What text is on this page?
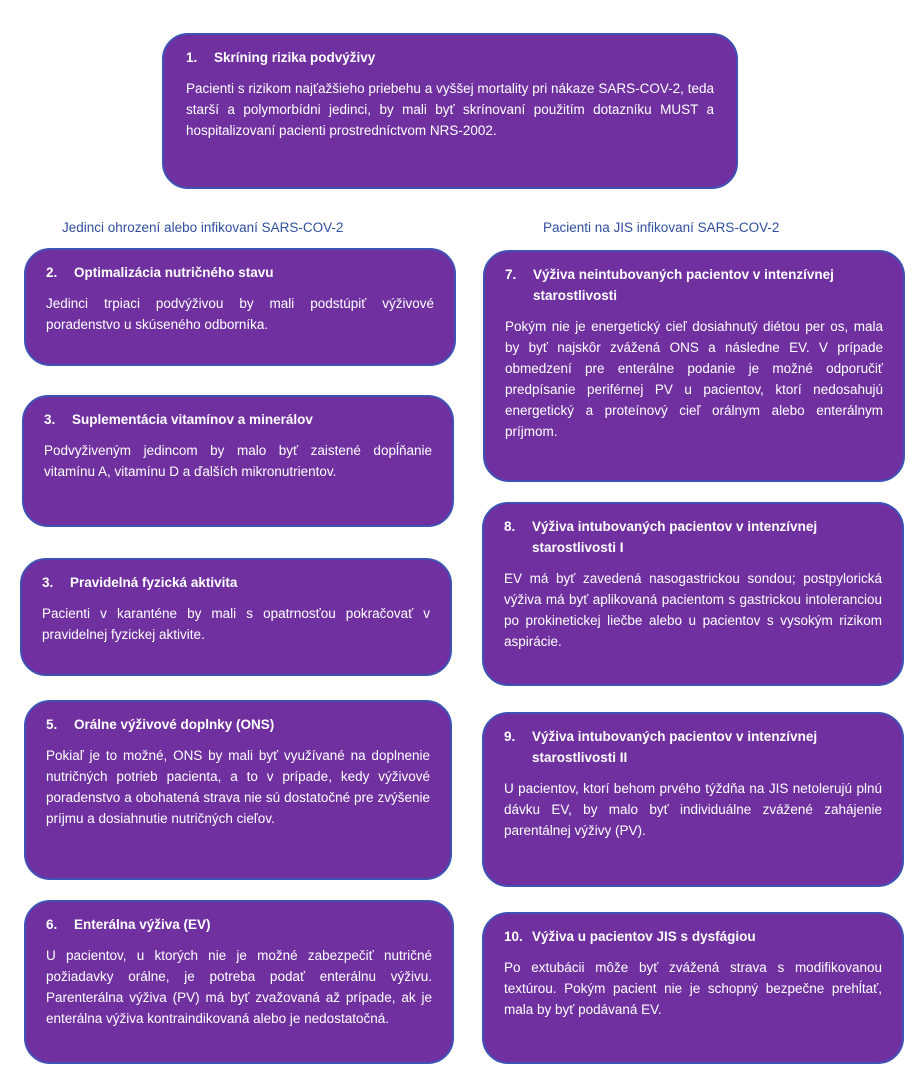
1.	Skríning rizika podvýživy
Pacienti s rizikom najťažšieho priebehu a vyššej mortality pri nákaze SARS-COV-2, teda starší a polymorbídni jedinci, by mali byť skrínovaní použitím dotazníku MUST a hospitalizovaní pacienti prostredníctvom NRS-2002.
Jedinci ohrození alebo infikovaní SARS-COV-2	Pacienti na JIS infikovaní SARS-COV-2
2.	Optimalizácia nutričného stavu
Jedinci trpiaci podvýživou by mali podstúpiť výživové poradenstvo u skúseného odborníka.
3.	Suplementácia vitamínov a minerálov
Podvyživeným jedincom by malo byť zaistené dopĺňanie vitamínu A, vitamínu D a ďalších mikronutrientov.
3.	Pravidelná fyzická aktivita
Pacienti v karanténe by mali s opatrnosťou pokračovať v pravidelnej fyzickej aktivite.
5.	Orálne výživové doplnky (ONS)
Pokiaľ je to možné, ONS by mali byť využívané na doplnenie nutričných potrieb pacienta, a to v prípade, kedy výživové poradenstvo a obohatená strava nie sú dostatočné pre zvýšenie príjmu a dosiahnutie nutričných cieľov.
6.	Enterálna výživa (EV)
U pacientov, u ktorých nie je možné zabezpečiť nutričné požiadavky orálne, je potreba podať enterálnu výživu. Parenterálna výživa (PV) má byť zvažovaná až prípade, ak je enterálna výživa kontraindikovaná alebo je nedostatočná.
7.	Výživa neintubovaných pacientov v intenzívnej starostlivosti
Pokým nie je energetický cieľ dosiahnutý diétou per os, mala by byť najskôr zvážená ONS a následne EV. V prípade obmedzení pre enterálne podanie je možné odporučiť predpísanie periférnej PV u pacientov, ktorí nedosahujú energetický a proteínový cieľ orálnym alebo enterálnym príjmom.
8.	Výživa intubovaných pacientov v intenzívnej starostlivosti I
EV má byť zavedená nasogastrickou sondou; postpylorická výživa má byť aplikovaná pacientom s gastrickou intoleranciou po prokinetickej liečbe alebo u pacientov s vysokým rizikom aspirácie.
9.	Výživa intubovaných pacientov v intenzívnej starostlivosti II
U pacientov, ktorí behom prvého týždňa na JIS netolerujú plnú dávku EV, by malo byť individuálne zvážené zahájenie parentálnej výživy (PV).
10. Výživa u pacientov JIS s dysfágiou
Po extubácii môže byť zvážená strava s modifikovanou textúrou. Pokým pacient nie je schopný bezpečne prehĺtať, mala by byť podávaná EV.
